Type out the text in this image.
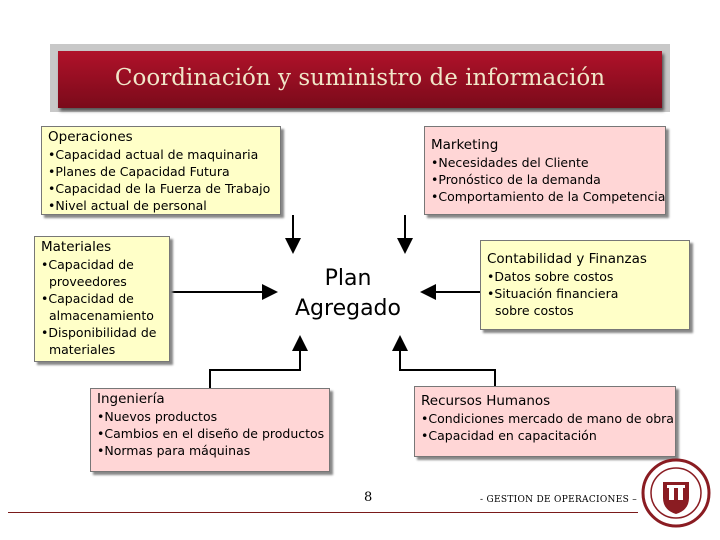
Coordinación y suministro de información
Operaciones
•Capacidad actual de maquinaria
•Planes de Capacidad Futura
•Capacidad de la Fuerza de Trabajo
•Nivel actual de personal
Marketing
•Necesidades del Cliente
•Pronóstico de la demanda
•Comportamiento de la Competencia
Materiales
•Capacidad de
proveedores
•Capacidad de
almacenamiento
•Disponibilidad de
materiales
Plan
Agregado
Contabilidad y Finanzas
•Datos sobre costos
•Situación financiera
sobre costos
Ingeniería
•Nuevos productos
•Cambios en el diseño de productos
•Normas para máquinas
Recursos Humanos
•Condiciones mercado de mano de obra
•Capacidad en capacitación
8	- GESTION DE OPERACIONES –
